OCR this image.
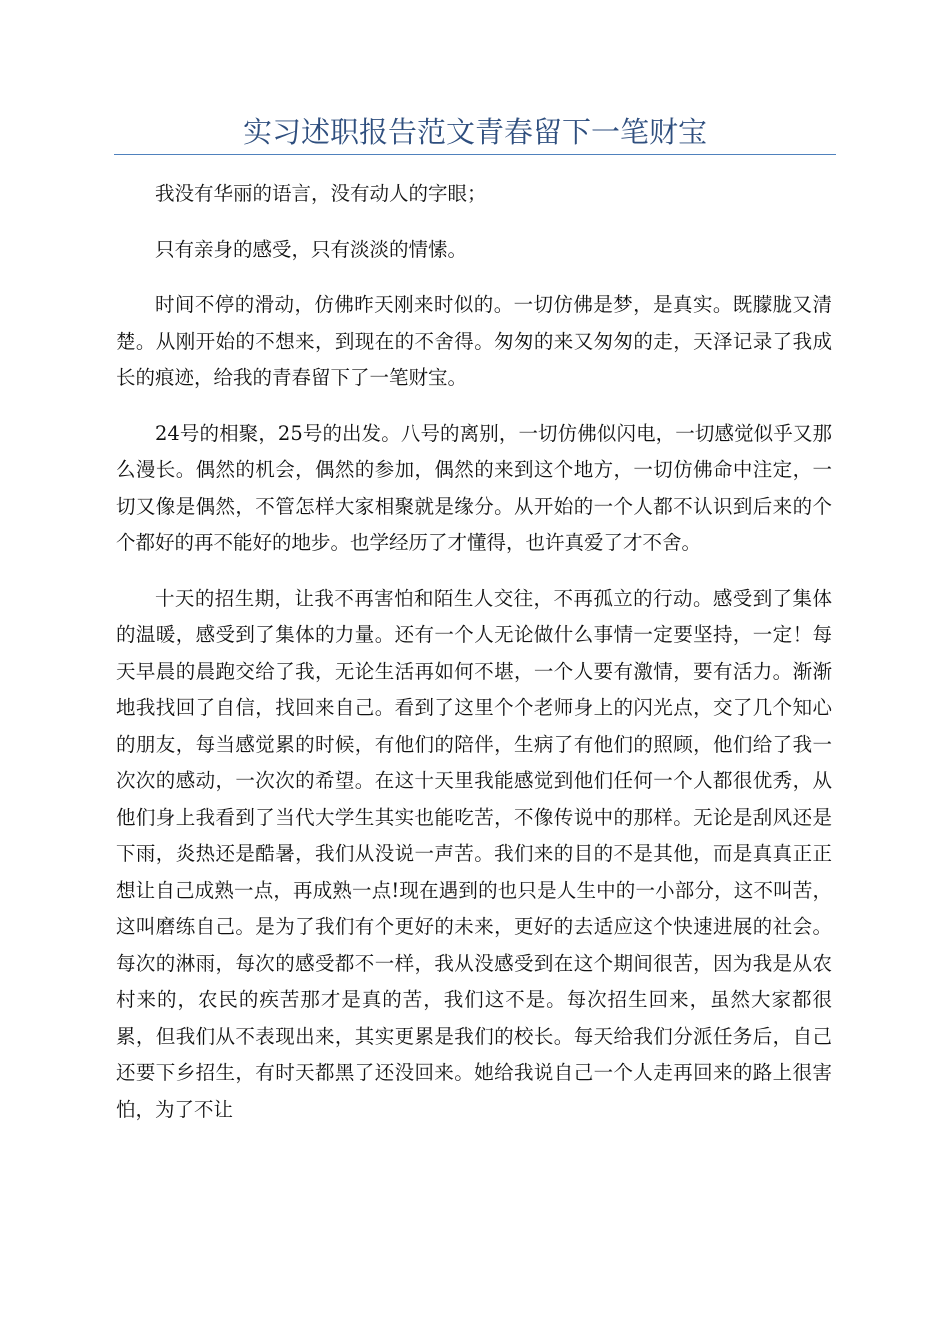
实习述职报告范文青春留下一笔财宝

我没有华丽的语言，没有动人的字眼；

只有亲身的感受，只有淡淡的情愫。

时间不停的滑动，仿佛昨天刚来时似的。一切仿佛是梦，是真实。既朦胧又清楚。从刚开始的不想来，到现在的不舍得。匆匆的来又匆匆的走，天泽记录了我成长的痕迹，给我的青春留下了一笔财宝。

24号的相聚，25号的出发。八号的离别，一切仿佛似闪电，一切感觉似乎又那么漫长。偶然的机会，偶然的参加，偶然的来到这个地方，一切仿佛命中注定，一切又像是偶然，不管怎样大家相聚就是缘分。从开始的一个人都不认识到后来的个个都好的再不能好的地步。也学经历了才懂得，也许真爱了才不舍。

十天的招生期，让我不再害怕和陌生人交往，不再孤立的行动。感受到了集体的温暖，感受到了集体的力量。还有一个人无论做什么事情一定要坚持，一定！每天早晨的晨跑交给了我，无论生活再如何不堪，一个人要有激情，要有活力。渐渐地我找回了自信，找回来自己。看到了这里个个老师身上的闪光点，交了几个知心的朋友，每当感觉累的时候，有他们的陪伴，生病了有他们的照顾，他们给了我一次次的感动，一次次的希望。在这十天里我能感觉到他们任何一个人都很优秀，从他们身上我看到了当代大学生其实也能吃苦，不像传说中的那样。无论是刮风还是下雨，炎热还是酷暑，我们从没说一声苦。我们来的目的不是其他，而是真真正正想让自己成熟一点，再成熟一点!现在遇到的也只是人生中的一小部分，这不叫苦，这叫磨练自己。是为了我们有个更好的未来，更好的去适应这个快速进展的社会。每次的淋雨，每次的感受都不一样，我从没感受到在这个期间很苦，因为我是从农村来的，农民的疾苦那才是真的苦，我们这不是。每次招生回来，虽然大家都很累，但我们从不表现出来，其实更累是我们的校长。每天给我们分派任务后，自己还要下乡招生，有时天都黑了还没回来。她给我说自己一个人走再回来的路上很害怕，为了不让
